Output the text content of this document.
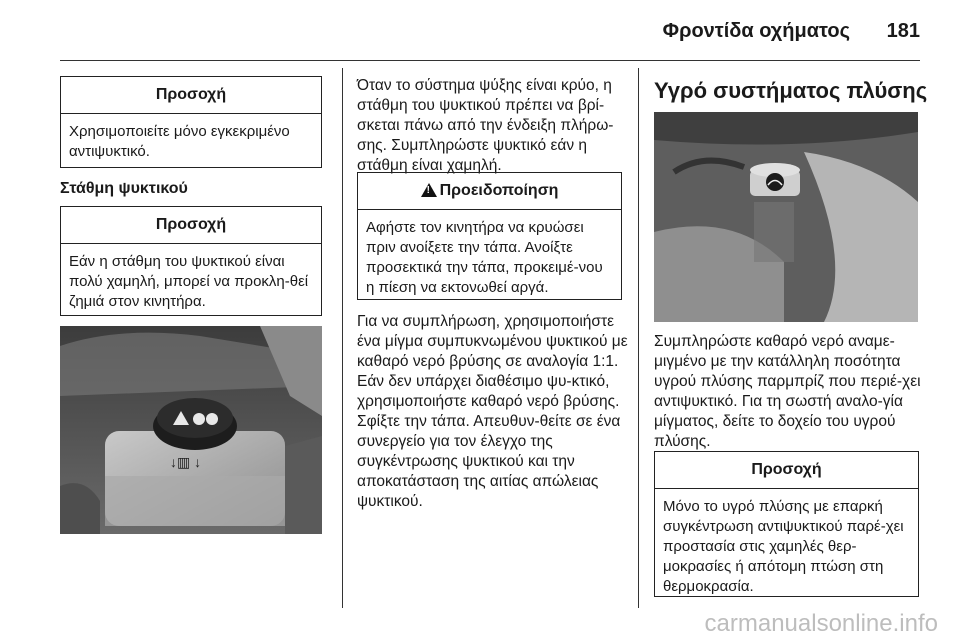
Φροντίδα οχήματος	181
Προσοχή
Χρησιμοποιείτε μόνο εγκεκριμένο αντιψυκτικό.
Στάθμη ψυκτικού
Προσοχή
Εάν η στάθμη του ψυκτικού είναι πολύ χαμηλή, μπορεί να προκλη-θεί ζημιά στον κινητήρα.
↓▥ ↓
Όταν το σύστημα ψύξης είναι κρύο, η στάθμη του ψυκτικού πρέπει να βρί-σκεται πάνω από την ένδειξη πλήρω-σης. Συμπληρώστε ψυκτικό εάν η στάθμη είναι χαμηλή.
!Προειδοποίηση
Αφήστε τον κινητήρα να κρυώσει πριν ανοίξετε την τάπα. Ανοίξτε προσεκτικά την τάπα, προκειμέ-νου η πίεση να εκτονωθεί αργά.
Για να συμπλήρωση, χρησιμοποιήστε ένα μίγμα συμπυκνωμένου ψυκτικού με καθαρό νερό βρύσης σε αναλογία 1:1. Εάν δεν υπάρχει διαθέσιμο ψυ-κτικό, χρησιμοποιήστε καθαρό νερό βρύσης. Σφίξτε την τάπα. Απευθυν-θείτε σε ένα συνεργείο για τον έλεγχο της συγκέντρωσης ψυκτικού και την αποκατάσταση της αιτίας απώλειας ψυκτικού.
Υγρό συστήματος πλύσης
Συμπληρώστε καθαρό νερό αναμε-μιγμένο με την κατάλληλη ποσότητα υγρού πλύσης παρμπρίζ που περιέ-χει αντιψυκτικό. Για τη σωστή αναλο-γία μίγματος, δείτε το δοχείο του υγρού πλύσης.
Προσοχή
Μόνο το υγρό πλύσης με επαρκή συγκέντρωση αντιψυκτικού παρέ-χει προστασία στις χαμηλές θερ-μοκρασίες ή απότομη πτώση στη θερμοκρασία.
carmanualsonline.info
